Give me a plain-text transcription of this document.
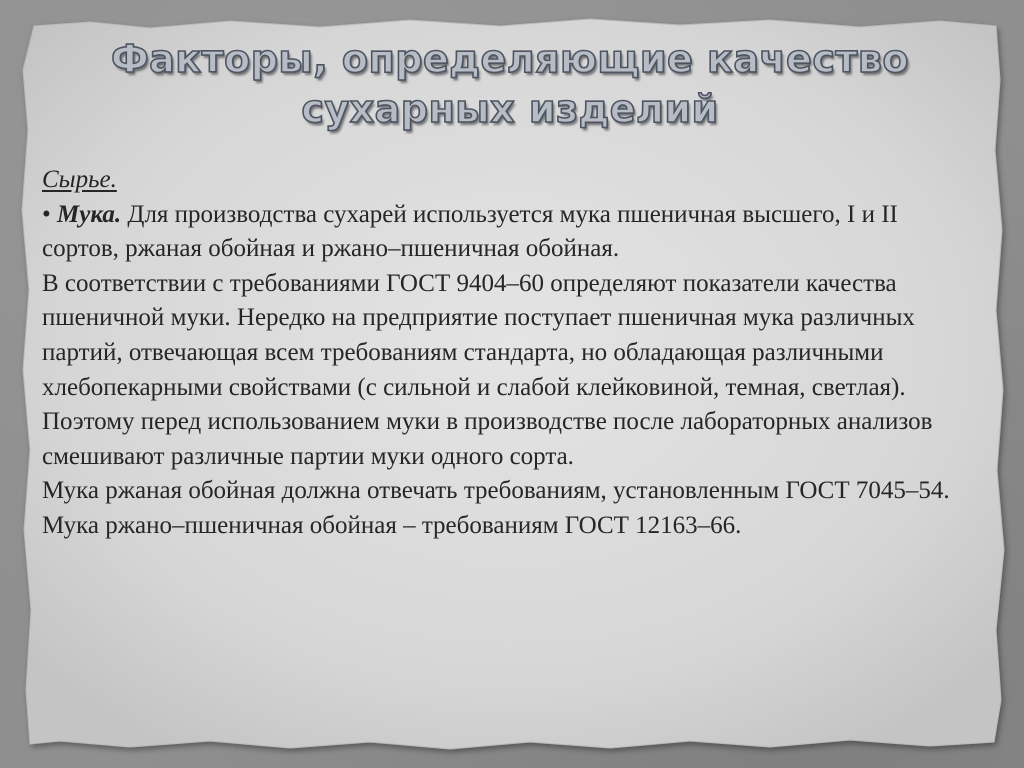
Факторы, определяющие качество
сухарных изделий

Сырье.

• Мука. Для производства сухарей используется мука пшеничная высшего, I и II сортов, ржаная обойная и ржано–пшеничная обойная.

В соответствии с требованиями ГОСТ 9404–60 определяют показатели качества пшеничной муки. Нередко на предприятие поступает пшеничная мука различных партий, отвечающая всем требованиям стандарта, но обладающая различными хлебопекарными свойствами (с сильной и слабой клейковиной, темная, светлая). Поэтому перед использованием муки в производстве после лабораторных анализов смешивают различные партии муки одного сорта.

Мука ржаная обойная должна отвечать требованиям, установленным ГОСТ 7045–54. Мука ржано–пшеничная обойная – требованиям ГОСТ 12163–66.
